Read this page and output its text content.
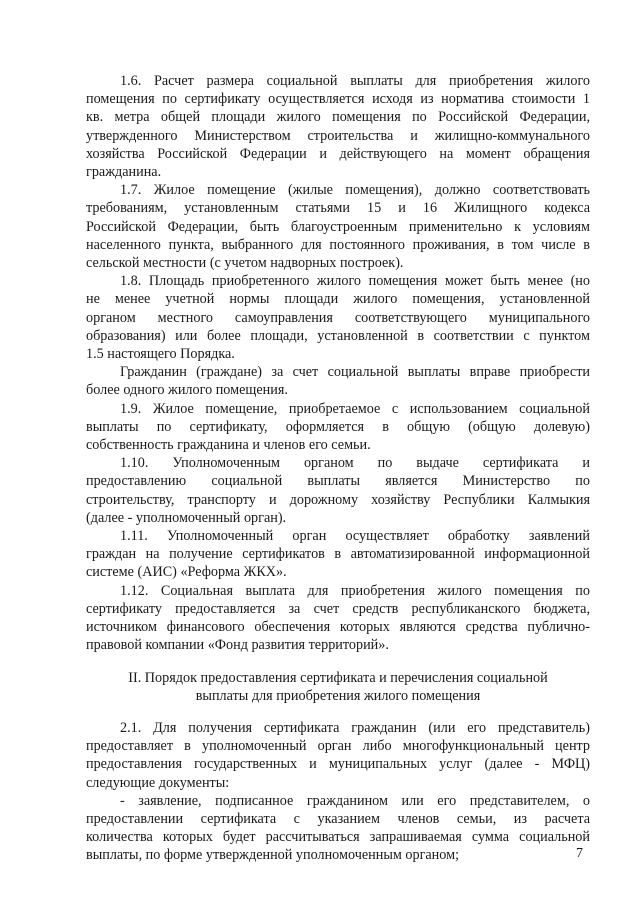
1.6. Расчет размера социальной выплаты для приобретения жилого
помещения по сертификату осуществляется исходя из норматива стоимости 1
кв. метра общей площади жилого помещения по Российской Федерации,
утвержденного Министерством строительства и жилищно-коммунального
хозяйства Российской Федерации и действующего на момент обращения
гражданина.
1.7. Жилое помещение (жилые помещения), должно соответствовать
требованиям, установленным статьями 15 и 16 Жилищного кодекса
Российской Федерации, быть благоустроенным применительно к условиям
населенного пункта, выбранного для постоянного проживания, в том числе в
сельской местности (с учетом надворных построек).
1.8. Площадь приобретенного жилого помещения может быть менее (но
не менее учетной нормы площади жилого помещения, установленной
органом местного самоуправления соответствующего муниципального
образования) или более площади, установленной в соответствии с пунктом
1.5 настоящего Порядка.
Гражданин (граждане) за счет социальной выплаты вправе приобрести
более одного жилого помещения.
1.9. Жилое помещение, приобретаемое с использованием социальной
выплаты по сертификату, оформляется в общую (общую долевую)
собственность гражданина и членов его семьи.
1.10. Уполномоченным органом по выдаче сертификата и
предоставлению социальной выплаты является Министерство по
строительству, транспорту и дорожному хозяйству Республики Калмыкия
(далее - уполномоченный орган).
1.11. Уполномоченный орган осуществляет обработку заявлений
граждан на получение сертификатов в автоматизированной информационной
системе (АИС) «Реформа ЖКХ».
1.12. Социальная выплата для приобретения жилого помещения по
сертификату предоставляется за счет средств республиканского бюджета,
источником финансового обеспечения которых являются средства публично-
правовой компании «Фонд развития территорий».
II. Порядок предоставления сертификата и перечисления социальной
выплаты для приобретения жилого помещения
2.1. Для получения сертификата гражданин (или его представитель)
предоставляет в уполномоченный орган либо многофункциональный центр
предоставления государственных и муниципальных услуг (далее - МФЦ)
следующие документы:
- заявление, подписанное гражданином или его представителем, о
предоставлении сертификата с указанием членов семьи, из расчета
количества которых будет рассчитываться запрашиваемая сумма социальной
выплаты, по форме утвержденной уполномоченным органом;	7
